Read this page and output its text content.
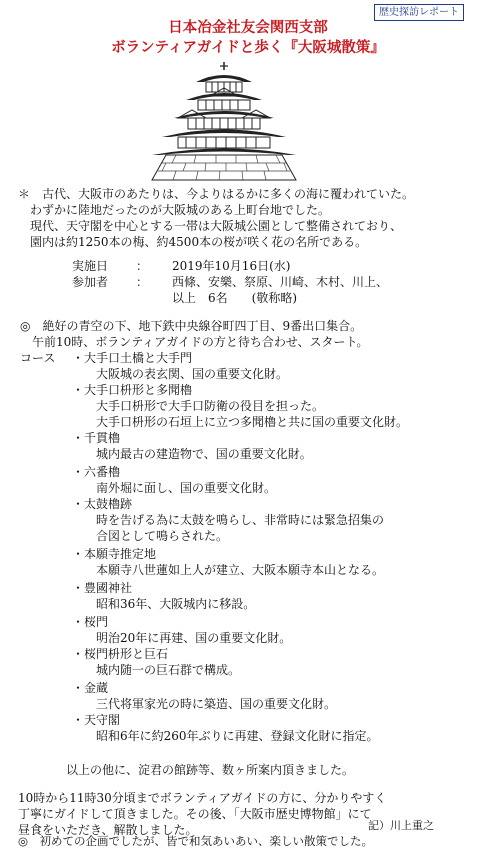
歴史探訪レポート
日本冶金社友会関西支部
ボランティアガイドと歩く『大阪城散策』
＊　古代、大阪市のあたりは、今よりはるかに多くの海に覆われていた。
　わずかに陸地だったのが大阪城のある上町台地でした。
　現代、天守閣を中心とする一帯は大阪城公園として整備されており、
　園内は約1250本の梅、約4500本の桜が咲く花の名所である。
実施日 ： 2019年10月16日(水)
参加者 ： 西條、安樂、祭原、川崎、木村、川上、
以上　6名　　(敬称略)
◎　絶好の青空の下、地下鉄中央線谷町四丁目、9番出口集合。
　午前10時、ボランティアガイドの方と待ち合わせ、スタート。
コース ・大手口土橋と大手門
大阪城の表玄関、国の重要文化財。
・大手口枡形と多聞櫓
大手口枡形で大手口防衛の役目を担った。
大手口枡形の石垣上に立つ多聞櫓と共に国の重要文化財。
・千貫櫓
城内最古の建造物で、国の重要文化財。
・六番櫓
南外堀に面し、国の重要文化財。
・太鼓櫓跡
時を告げる為に太鼓を鳴らし、非常時には緊急招集の
合図として鳴らされた。
・本願寺推定地
本願寺八世蓮如上人が建立、大阪本願寺本山となる。
・豊國神社
昭和36年、大阪城内に移設。
・桜門
明治20年に再建、国の重要文化財。
・桜門枡形と巨石
城内随一の巨石群で構成。
・金蔵
三代将軍家光の時に築造、国の重要文化財。
・天守閣
昭和6年に約260年ぶりに再建、登録文化財に指定。
以上の他に、淀君の館跡等、数ヶ所案内頂きました。
10時から11時30分頃までボランティアガイドの方に、分かりやすく
丁寧にガイドして頂きました。その後、「大阪市歴史博物館」にて
昼食をいただき、解散しました。
◎　初めての企画でしたが、皆で和気あいあい、楽しい散策でした。
記）川上重之
